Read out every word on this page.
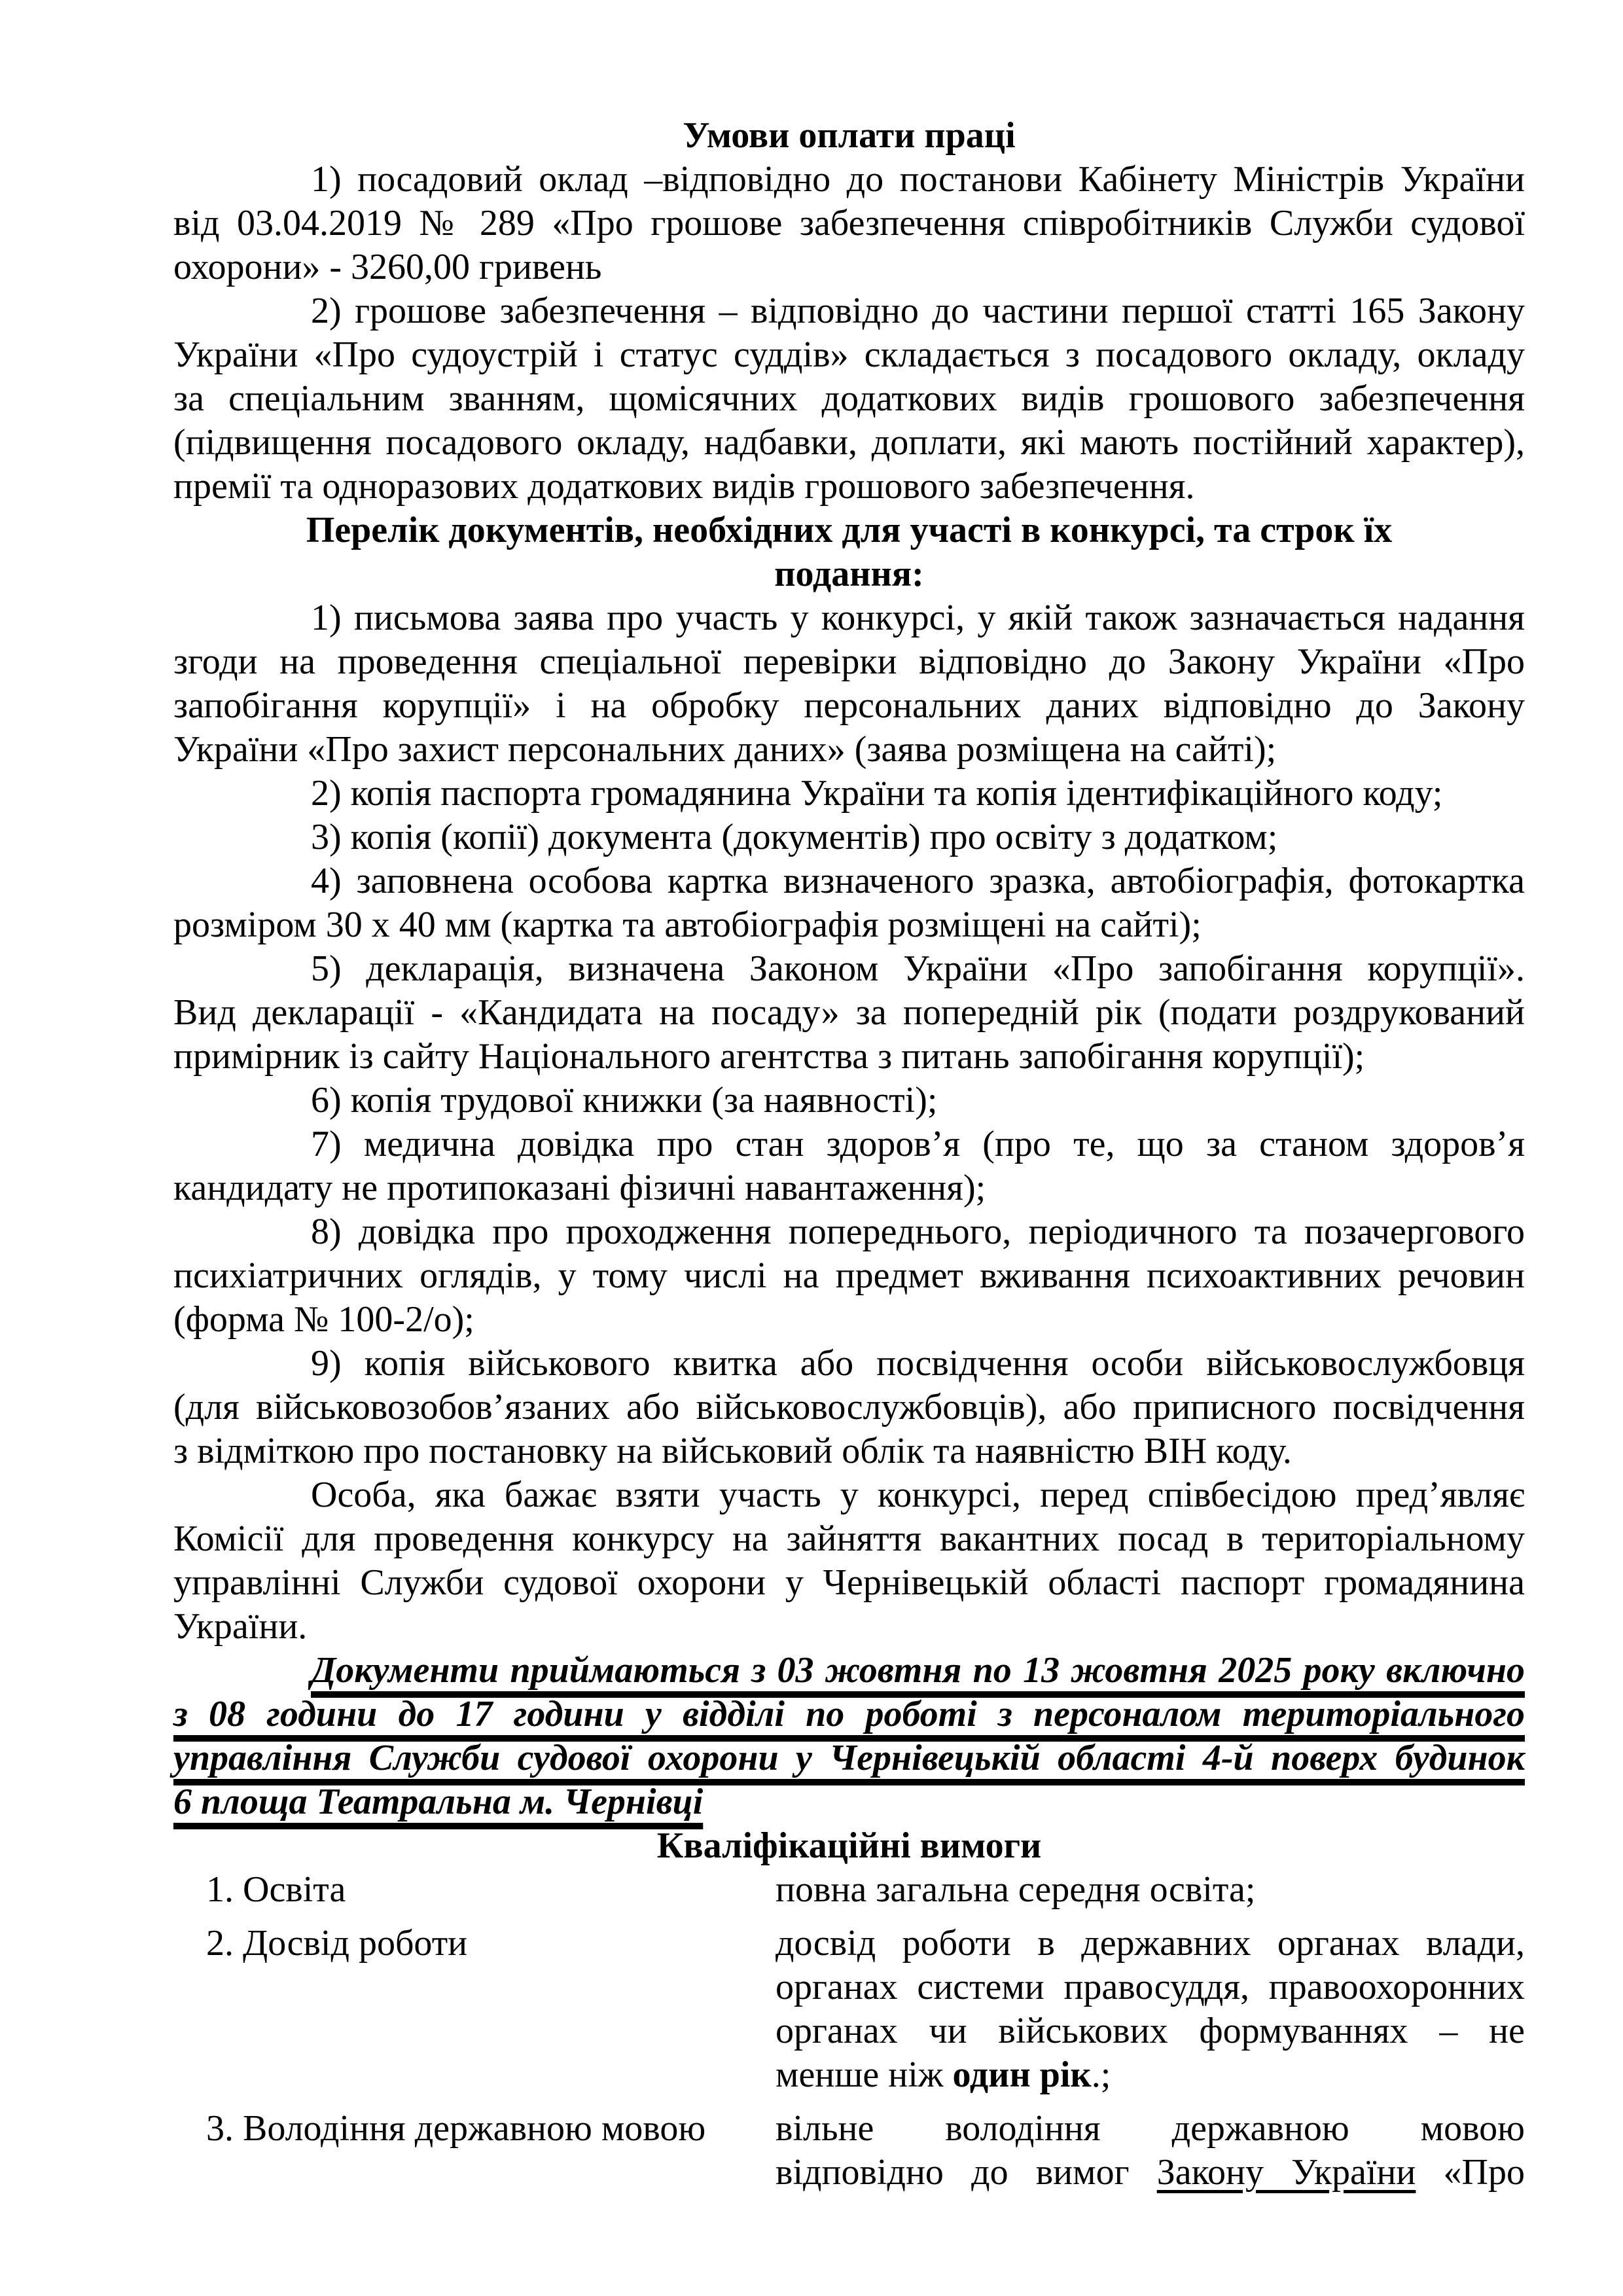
Умови оплати праці
1) посадовий оклад –відповідно до постанови Кабінету Міністрів України
від 03.04.2019 № 289 «Про грошове забезпечення співробітників Служби судової
охорони» - 3260,00 гривень
2) грошове забезпечення – відповідно до частини першої статті 165 Закону
України «Про судоустрій і статус суддів» складається з посадового окладу, окладу
за спеціальним званням, щомісячних додаткових видів грошового забезпечення
(підвищення посадового окладу, надбавки, доплати, які мають постійний характер),
премії та одноразових додаткових видів грошового забезпечення.
Перелік документів, необхідних для участі в конкурсі, та строк їх
подання:
1) письмова заява про участь у конкурсі, у якій також зазначається надання
згоди на проведення спеціальної перевірки відповідно до Закону України «Про
запобігання корупції» і на обробку персональних даних відповідно до Закону
України «Про захист персональних даних» (заява розміщена на сайті);
2) копія паспорта громадянина України та копія ідентифікаційного коду;
3) копія (копії) документа (документів) про освіту з додатком;
4) заповнена особова картка визначеного зразка, автобіографія, фотокартка
розміром 30 х 40 мм (картка та автобіографія розміщені на сайті);
5) декларація, визначена Законом України «Про запобігання корупції».
Вид декларації - «Кандидата на посаду» за попередній рік (подати роздрукований
примірник із сайту Національного агентства з питань запобігання корупції);
6) копія трудової книжки (за наявності);
7) медична довідка про стан здоров’я (про те, що за станом здоров’я
кандидату не протипоказані фізичні навантаження);
8) довідка про проходження попереднього, періодичного та позачергового
психіатричних оглядів, у тому числі на предмет вживання психоактивних речовин
(форма № 100-2/о);
9) копія військового квитка або посвідчення особи військовослужбовця
(для військовозобов’язаних або військовослужбовців), або приписного посвідчення
з відміткою про постановку на військовий облік та наявністю ВІН коду.
Особа, яка бажає взяти участь у конкурсі, перед співбесідою пред’являє
Комісії для проведення конкурсу на зайняття вакантних посад в територіальному
управлінні Служби судової охорони у Чернівецькій області паспорт громадянина
України.
Документи приймаються з 03 жовтня по 13 жовтня 2025 року включно
з 08 години до 17 години у відділі по роботі з персоналом територіального
управління Служби судової охорони у Чернівецькій області 4-й поверх будинок
6 площа Театральна м. Чернівці
Кваліфікаційні вимоги
1. Освіта	повна загальна середня освіта;
2. Досвід роботи	досвід роботи в державних органах влади,
органах системи правосуддя, правоохоронних
органах чи військових формуваннях – не
менше ніж один рік.;
3. Володіння державною мовою	вільне володіння державною мовою
відповідно до вимог Закону України «Про
